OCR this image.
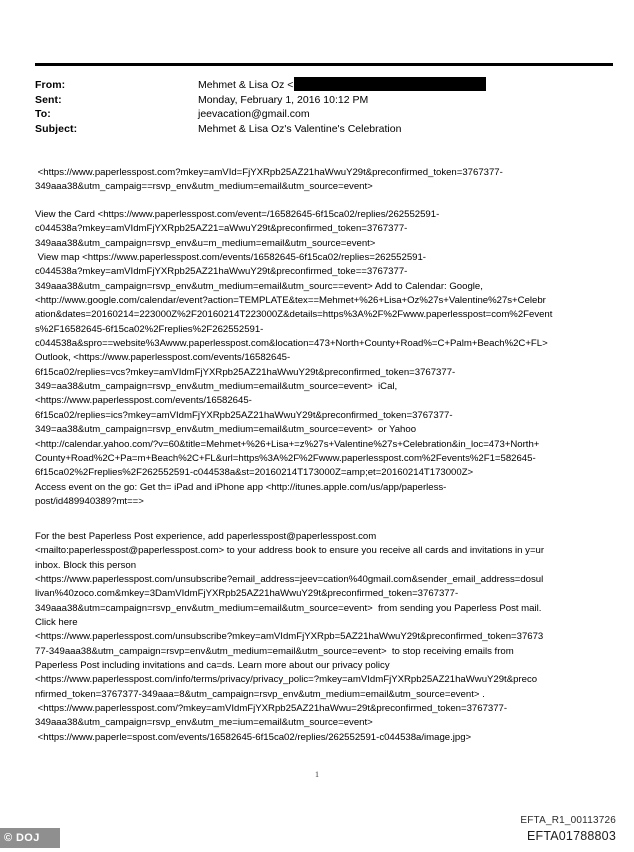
From:	Mehmet & Lisa Oz <
Sent:	Monday, February 1, 2016 10:12 PM
To:	jeevacation@gmail.com
Subject:	Mehmet & Lisa Oz's Valentine's Celebration
<https://www.paperlesspost.com?mkey=amVId=FjYXRpb25AZ21haWwuY29t&preconfirmed_token=3767377-
349aaa38&utm_campaig==rsvp_env&utm_medium=email&utm_source=event>
View the Card <https://www.paperlesspost.com/event=/16582645-6f15ca02/replies/262552591-
c044538a?mkey=amVIdmFjYXRpb25AZ21=aWwuY29t&preconfirmed_token=3767377-
349aaa38&utm_campaign=rsvp_env&u=m_medium=email&utm_source=event>
View map <https://www.paperlesspost.com/events/16582645-6f15ca02/replies=262552591-
c044538a?mkey=amVIdmFjYXRpb25AZ21haWwuY29t&preconfirmed_toke==3767377-
349aaa38&utm_campaign=rsvp_env&utm_medium=email&utm_sourc==event> Add to Calendar: Google,
<http://www.google.com/calendar/event?action=TEMPLATE&tex==Mehmet+%26+Lisa+Oz%27s+Valentine%27s+Celebr
ation&dates=20160214=223000Z%2F20160214T223000Z&details=https%3A%2F%2Fwww.paperlesspost=com%2Fevent
s%2F16582645-6f15ca02%2Freplies%2F262552591-
c044538a&spro==website%3Awww.paperlesspost.com&location=473+North+County+Road%=C+Palm+Beach%2C+FL>
Outlook, <https://www.paperlesspost.com/events/16582645-
6f15ca02/replies=vcs?mkey=amVIdmFjYXRpb25AZ21haWwuY29t&preconfirmed_token=3767377-
349=aa38&utm_campaign=rsvp_env&utm_medium=email&utm_source=event>  iCal,
<https://www.paperlesspost.com/events/16582645-
6f15ca02/replies=ics?mkey=amVIdmFjYXRpb25AZ21haWwuY29t&preconfirmed_token=3767377-
349=aa38&utm_campaign=rsvp_env&utm_medium=email&utm_source=event>  or Yahoo
<http://calendar.yahoo.com/?v=60&title=Mehmet+%26+Lisa+=z%27s+Valentine%27s+Celebration&in_loc=473+North+
County+Road%2C+Pa=m+Beach%2C+FL&url=https%3A%2F%2Fwww.paperlesspost.com%2Fevents%2F1=582645-
6f15ca02%2Freplies%2F262552591-c044538a&st=20160214T173000Z=amp;et=20160214T173000Z>
Access event on the go: Get th= iPad and iPhone app <http://itunes.apple.com/us/app/paperless-
post/id489940389?mt==>
For the best Paperless Post experience, add paperlesspost@paperlesspost.com
<mailto:paperlesspost@paperlesspost.com> to your address book to ensure you receive all cards and invitations in y=ur
inbox. Block this person
<https://www.paperlesspost.com/unsubscribe?email_address=jeev=cation%40gmail.com&sender_email_address=dosul
livan%40zoco.com&mkey=3DamVIdmFjYXRpb25AZ21haWwuY29t&preconfirmed_token=3767377-
349aaa38&utm=campaign=rsvp_env&utm_medium=email&utm_source=event>  from sending you Paperless Post mail.
Click here
<https://www.paperlesspost.com/unsubscribe?mkey=amVIdmFjYXRpb=5AZ21haWwuY29t&preconfirmed_token=37673
77-349aaa38&utm_campaign=rsvp=env&utm_medium=email&utm_source=event>  to stop receiving emails from
Paperless Post including invitations and ca=ds. Learn more about our privacy policy
<https://www.paperlesspost.com/info/terms/privacy/privacy_polic=?mkey=amVIdmFjYXRpb25AZ21haWwuY29t&preco
nfirmed_token=3767377-349aaa=8&utm_campaign=rsvp_env&utm_medium=email&utm_source=event> .
<https://www.paperlesspost.com/?mkey=amVIdmFjYXRpb25AZ21haWwu=29t&preconfirmed_token=3767377-
349aaa38&utm_campaign=rsvp_env&utm_me=ium=email&utm_source=event>
<https://www.paperle=spost.com/events/16582645-6f15ca02/replies/262552591-c044538a/image.jpg>
1
EFTA_R1_00113726
EFTA01788803
© DOJ
